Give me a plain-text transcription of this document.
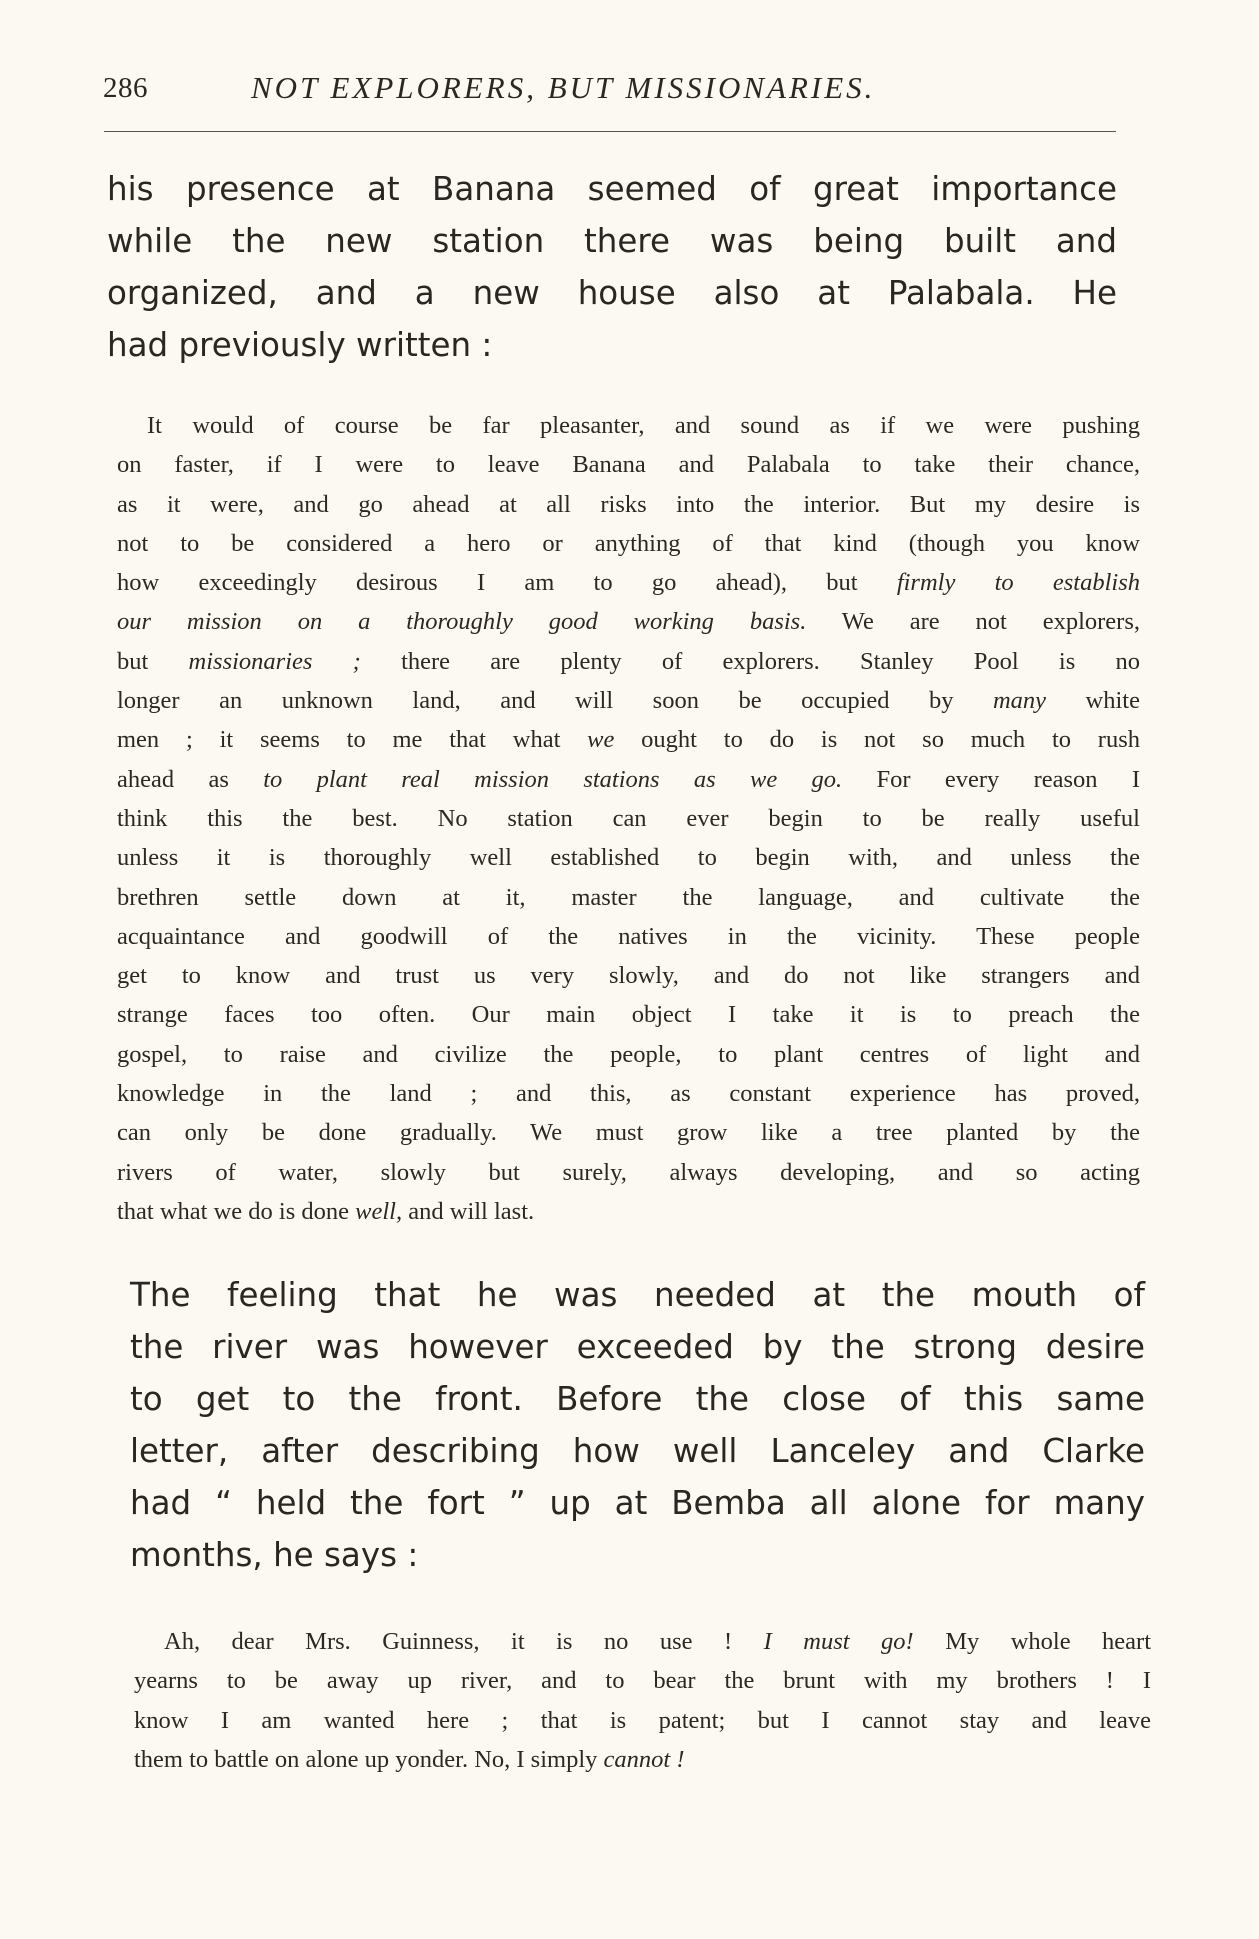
286	NOT EXPLORERS, BUT MISSIONARIES.

his presence at Banana seemed of great importance
while the new station there was being built and
organized, and a new house also at Palabala. He
had previously written :

It would of course be far pleasanter, and sound as if we were pushing
on faster, if I were to leave Banana and Palabala to take their chance,
as it were, and go ahead at all risks into the interior. But my desire is
not to be considered a hero or anything of that kind (though you know
how exceedingly desirous I am to go ahead), but firmly to establish
our mission on a thoroughly good working basis. We are not explorers,
but missionaries ; there are plenty of explorers. Stanley Pool is no
longer an unknown land, and will soon be occupied by many white
men ; it seems to me that what we ought to do is not so much to rush
ahead as to plant real mission stations as we go. For every reason I
think this the best. No station can ever begin to be really useful
unless it is thoroughly well established to begin with, and unless the
brethren settle down at it, master the language, and cultivate the
acquaintance and goodwill of the natives in the vicinity. These people
get to know and trust us very slowly, and do not like strangers and
strange faces too often. Our main object I take it is to preach the
gospel, to raise and civilize the people, to plant centres of light and
knowledge in the land ; and this, as constant experience has proved,
can only be done gradually. We must grow like a tree planted by the
rivers of water, slowly but surely, always developing, and so acting
that what we do is done well, and will last.

The feeling that he was needed at the mouth of
the river was however exceeded by the strong desire
to get to the front. Before the close of this same
letter, after describing how well Lanceley and Clarke
had “ held the fort ” up at Bemba all alone for many
months, he says :

Ah, dear Mrs. Guinness, it is no use ! I must go! My whole heart
yearns to be away up river, and to bear the brunt with my brothers ! I
know I am wanted here ; that is patent; but I cannot stay and leave
them to battle on alone up yonder. No, I simply cannot !
